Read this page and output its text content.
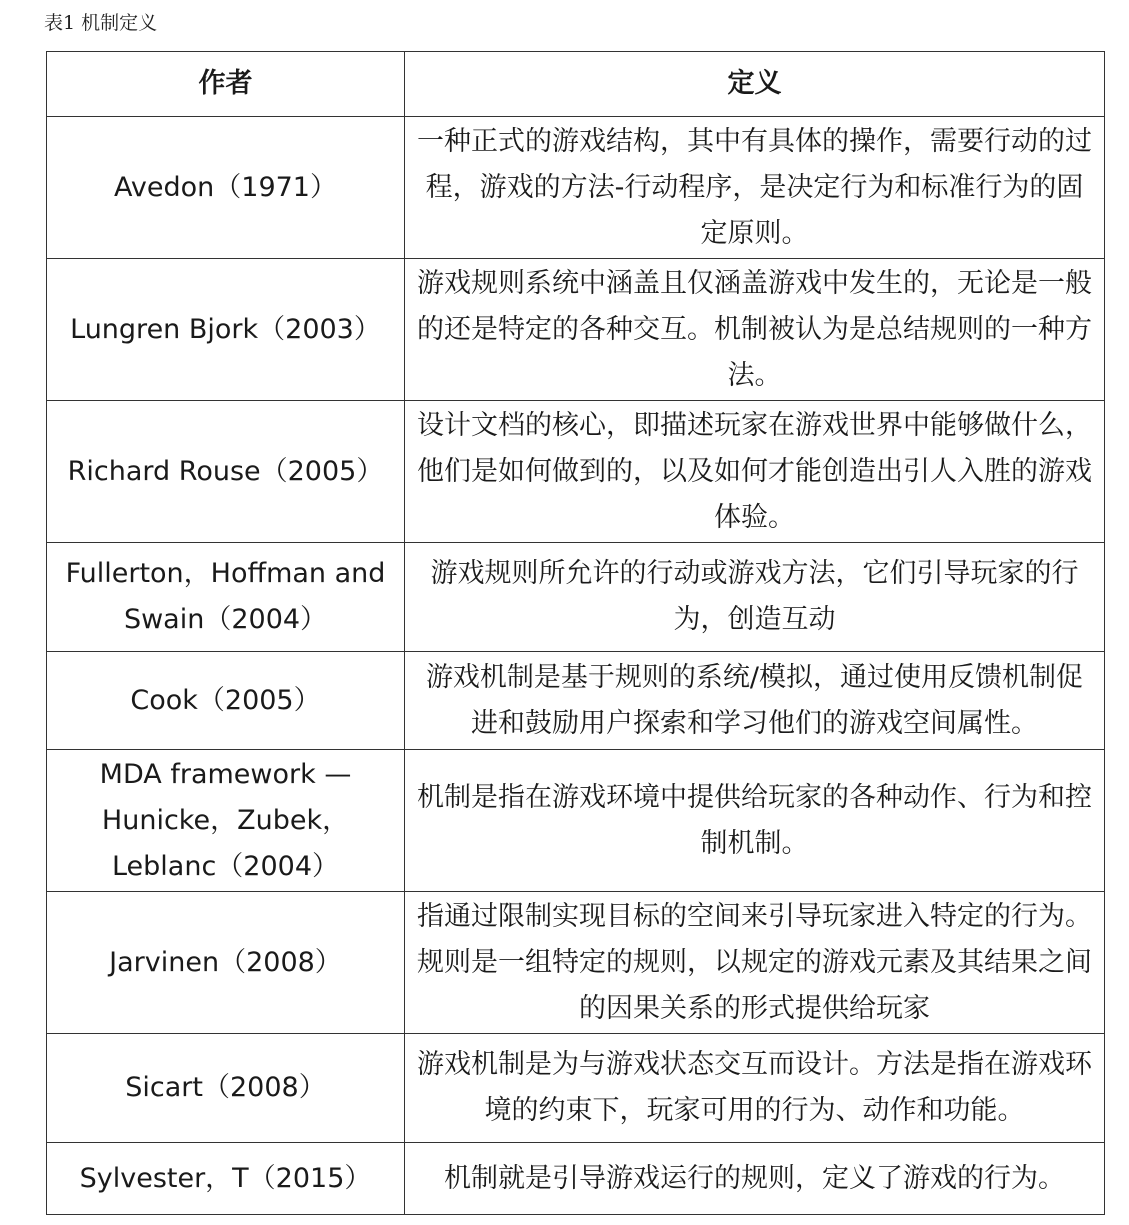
表1 机制定义
作者	定义
Avedon（1971）	一种正式的游戏结构，其中有具体的操作，需要行动的过程，游戏的方法-行动程序，是决定行为和标准行为的固定原则。
Lungren Bjork（2003）	游戏规则系统中涵盖且仅涵盖游戏中发生的，无论是一般的还是特定的各种交互。机制被认为是总结规则的一种方法。
Richard Rouse（2005）	设计文档的核心，即描述玩家在游戏世界中能够做什么，他们是如何做到的，以及如何才能创造出引人入胜的游戏体验。
Fullerton，Hoffman and Swain（2004）	游戏规则所允许的行动或游戏方法，它们引导玩家的行为，创造互动
Cook（2005）	游戏机制是基于规则的系统/模拟，通过使用反馈机制促进和鼓励用户探索和学习他们的游戏空间属性。
MDA framework — Hunicke，Zubek，Leblanc（2004）	机制是指在游戏环境中提供给玩家的各种动作、行为和控制机制。
Jarvinen（2008）	指通过限制实现目标的空间来引导玩家进入特定的行为。规则是一组特定的规则，以规定的游戏元素及其结果之间的因果关系的形式提供给玩家
Sicart（2008）	游戏机制是为与游戏状态交互而设计。方法是指在游戏环境的约束下，玩家可用的行为、动作和功能。
Sylvester，T（2015）	机制就是引导游戏运行的规则，定义了游戏的行为。
